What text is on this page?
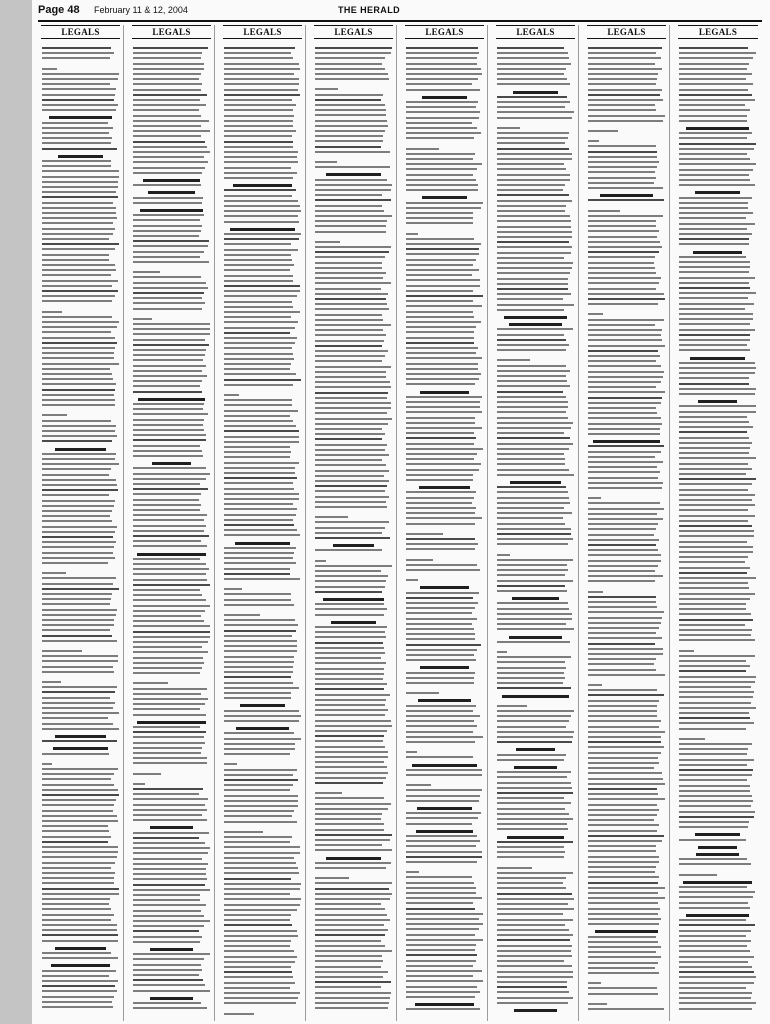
Page 48 February 11 & 12, 2004	THE HERALD
LEGALS	LEGALS	LEGALS	LEGALS	LEGALS	LEGALS	LEGALS	LEGALS
